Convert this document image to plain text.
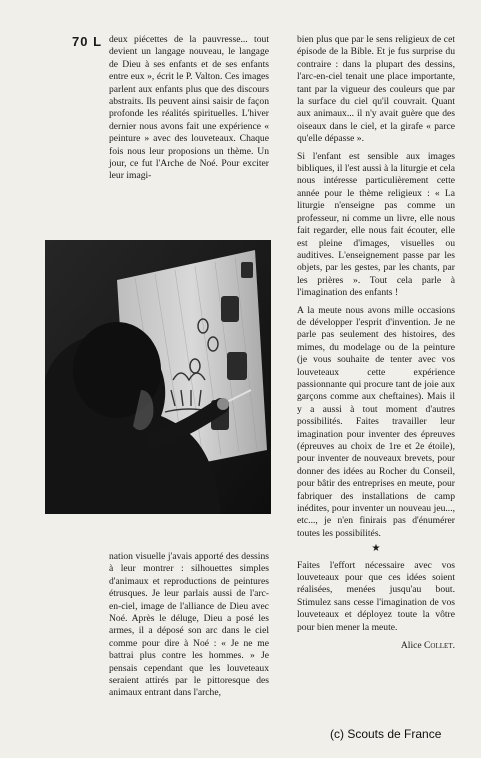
70 L deux piécettes de la pauvresse... tout devient un langage nouveau, le langage de Dieu à ses enfants et de ses enfants entre eux », écrit le P. Valton. Ces images parlent aux enfants plus que des discours abstraits. Ils peuvent ainsi saisir de façon profonde les réalités spirituelles. L'hiver dernier nous avons fait une expérience « peinture » avec des louveteaux. Chaque fois nous leur proposions un thème. Un jour, ce fut l'Arche de Noé. Pour exciter leur imagi-

nation visuelle j'avais apporté des dessins à leur montrer : silhouettes simples d'animaux et reproductions de peintures étrusques. Je leur parlais aussi de l'arc-en-ciel, image de l'alliance de Dieu avec Noé. Après le déluge, Dieu a posé les armes, il a déposé son arc dans le ciel comme pour dire à Noé : « Je ne me battrai plus contre les hommes. » Je pensais cependant que les louveteaux seraient attirés par le pittoresque des animaux entrant dans l'arche,

bien plus que par le sens religieux de cet épisode de la Bible. Et je fus surprise du contraire : dans la plupart des dessins, l'arc-en-ciel tenait une place importante, tant par la vigueur des couleurs que par la surface du ciel qu'il couvrait. Quant aux animaux... il n'y avait guère que des oiseaux dans le ciel, et la girafe « parce qu'elle dépasse ».

Si l'enfant est sensible aux images bibliques, il l'est aussi à la liturgie et cela nous intéresse particulièrement cette année pour le thème religieux : « La liturgie n'enseigne pas comme un professeur, ni comme un livre, elle nous fait regarder, elle nous fait écouter, elle est pleine d'images, visuelles ou auditives. L'enseignement passe par les objets, par les gestes, par les chants, par les prières ». Tout cela parle à l'imagination des enfants !

A la meute nous avons mille occasions de développer l'esprit d'invention. Je ne parle pas seulement des histoires, des mimes, du modelage ou de la peinture (je vous souhaite de tenter avec vos louveteaux cette expérience passionnante qui procure tant de joie aux garçons comme aux cheftaines). Mais il y a aussi à tout moment d'autres possibilités. Faites travailler leur imagination pour inventer des épreuves (épreuves au choix de 1re et 2e étoile), pour inventer de nouveaux brevets, pour donner des idées au Rocher du Conseil, pour bâtir des entreprises en meute, pour fabriquer des installations de camp inédites, pour inventer un nouveau jeu..., etc..., je n'en finirais pas d'énumérer toutes les possibilités.

★

Faites l'effort nécessaire avec vos louveteaux pour que ces idées soient réalisées, menées jusqu'au bout. Stimulez sans cesse l'imagination de vos louveteaux et déployez toute la vôtre pour bien mener la meute.

Alice Collet.

(c) Scouts de France
